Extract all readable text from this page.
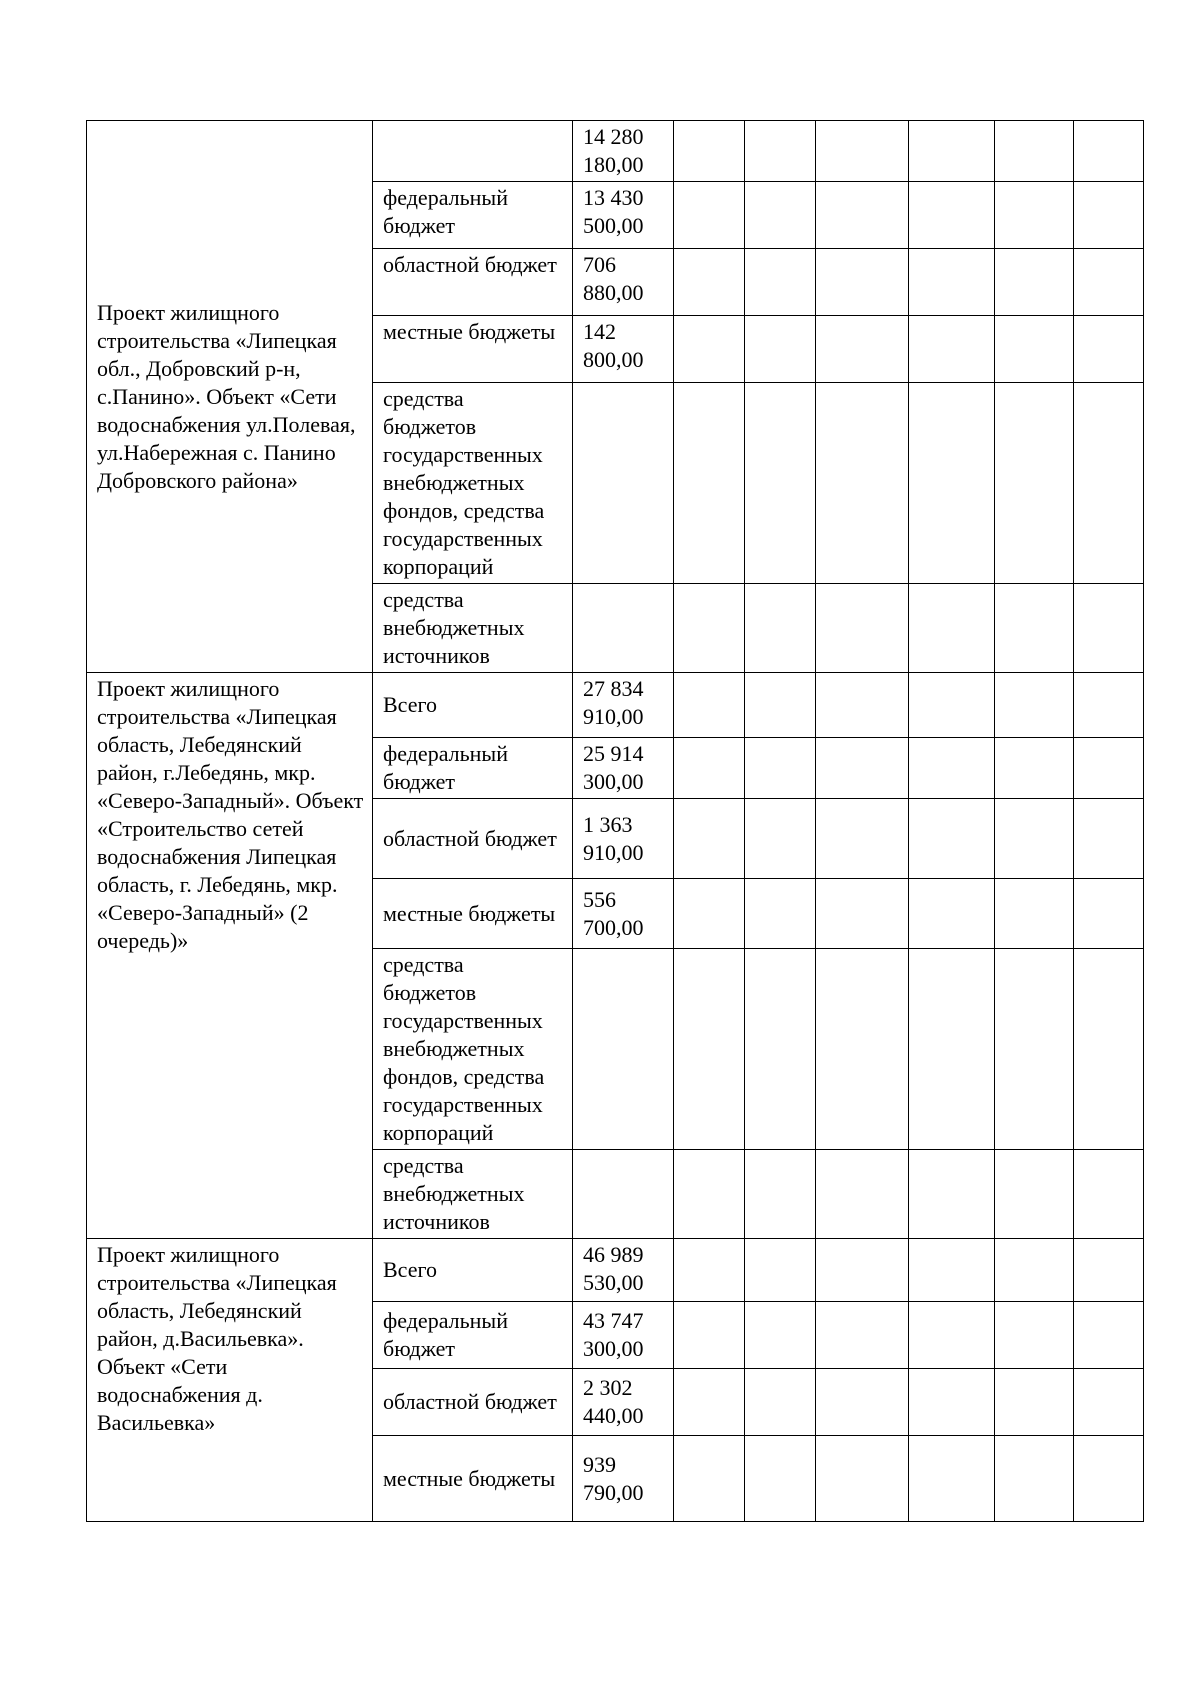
Проект жилищного строительства «Липецкая обл., Добровский р-н, с.Панино». Объект «Сети водоснабжения ул.Полевая, ул.Набережная с. Панино Добровского района»		14 280 180,00						
	федеральный бюджет	13 430 500,00						
	областной бюджет	706 880,00						
	местные бюджеты	142 800,00						
	средства бюджетов государственных внебюджетных фондов, средства государственных корпораций							
	средства внебюджетных источников							
Проект жилищного строительства «Липецкая область, Лебедянский район, г.Лебедянь, мкр. «Северо-Западный». Объект «Строительство сетей водоснабжения Липецкая область, г. Лебедянь, мкр. «Северо-Западный» (2 очередь)»	Всего	27 834 910,00						
	федеральный бюджет	25 914 300,00						
	областной бюджет	1 363 910,00						
	местные бюджеты	556 700,00						
	средства бюджетов государственных внебюджетных фондов, средства государственных корпораций							
	средства внебюджетных источников							
Проект жилищного строительства «Липецкая область, Лебедянский район, д.Васильевка». Объект «Сети водоснабжения д. Васильевка»	Всего	46 989 530,00						
	федеральный бюджет	43 747 300,00						
	областной бюджет	2 302 440,00						
	местные бюджеты	939 790,00						
